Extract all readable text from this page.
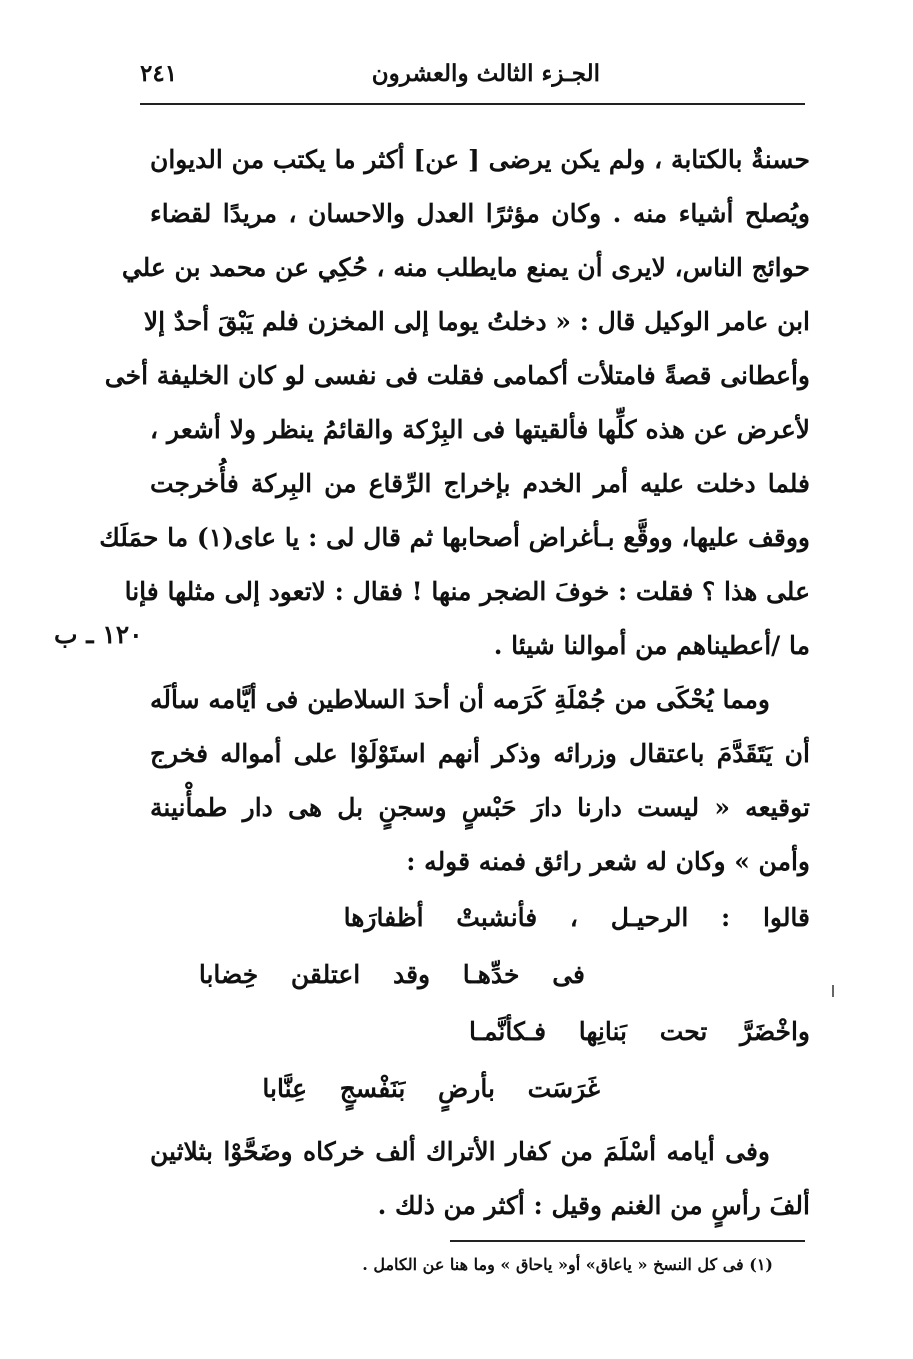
الجـزء الثالث والعشرون
٢٤١
١٢٠ ـ ب
حسنةٌ بالكتابة ، ولم يكن يرضى [ عن] أكثر ما يكتب من الديوان
ويُصلح أشياء منه . وكان مؤثرًا العدل والاحسان ، مريدًا لقضاء
حوائج الناس، لايرى أن يمنع مايطلب منه ، حُكِي عن محمد بن علي
ابن عامر الوكيل قال : « دخلتُ يوما إلى المخزن فلم يَبْقَ أحدٌ إلا
وأعطانى قصةً فامتلأت أكمامى فقلت فى نفسى لو كان الخليفة أخى
لأعرض عن هذه كلِّها فألقيتها فى البِرْكة والقائمُ ينظر ولا أشعر ،
فلما دخلت عليه أمر الخدم بإخراج الرِّقاع من البِركة فأُخرجت
ووقف عليها، ووقَّع بـأغراض أصحابها ثم قال لى : يا عاى(١) ما حمَلَك
على هذا ؟ فقلت : خوفَ الضجر منها ! فقال : لاتعود إلى مثلها فإنا
ما /أعطيناهم من أموالنا شيئا .
ومما يُحْكَى من جُمْلَةِ كَرَمه أن أحدَ السلاطين فى أيَّامه سألَه
أن يَتَقَدَّمَ باعتقال وزرائه وذكر أنهم استَوْلَوْا على أمواله فخرج
توقيعه « ليست دارنا دارَ حَبْسٍ وسجنٍ بل هى دار طمأْنينة
وأمن » وكان له شعر رائق فمنه قوله :
قالوا : الرحيـل ، فأنشبتْ أظفارَها
فى خدِّهـا وقد اعتلقن خِضابا
واخْضَرَّ تحت بَنانِها فـكأنَّمـا
غَرَسَت بأرضٍ بَنَفْسجٍ عِنَّابا
وفى أيامه أسْلَمَ من كفار الأتراك ألف خركاه وضَحَّوْا بثلاثين
ألفَ رأسٍ من الغنم وقيل : أكثر من ذلك .
(١) فى كل النسخ « ياعاق» أو« ياحاق » وما هنا عن الكامل .
